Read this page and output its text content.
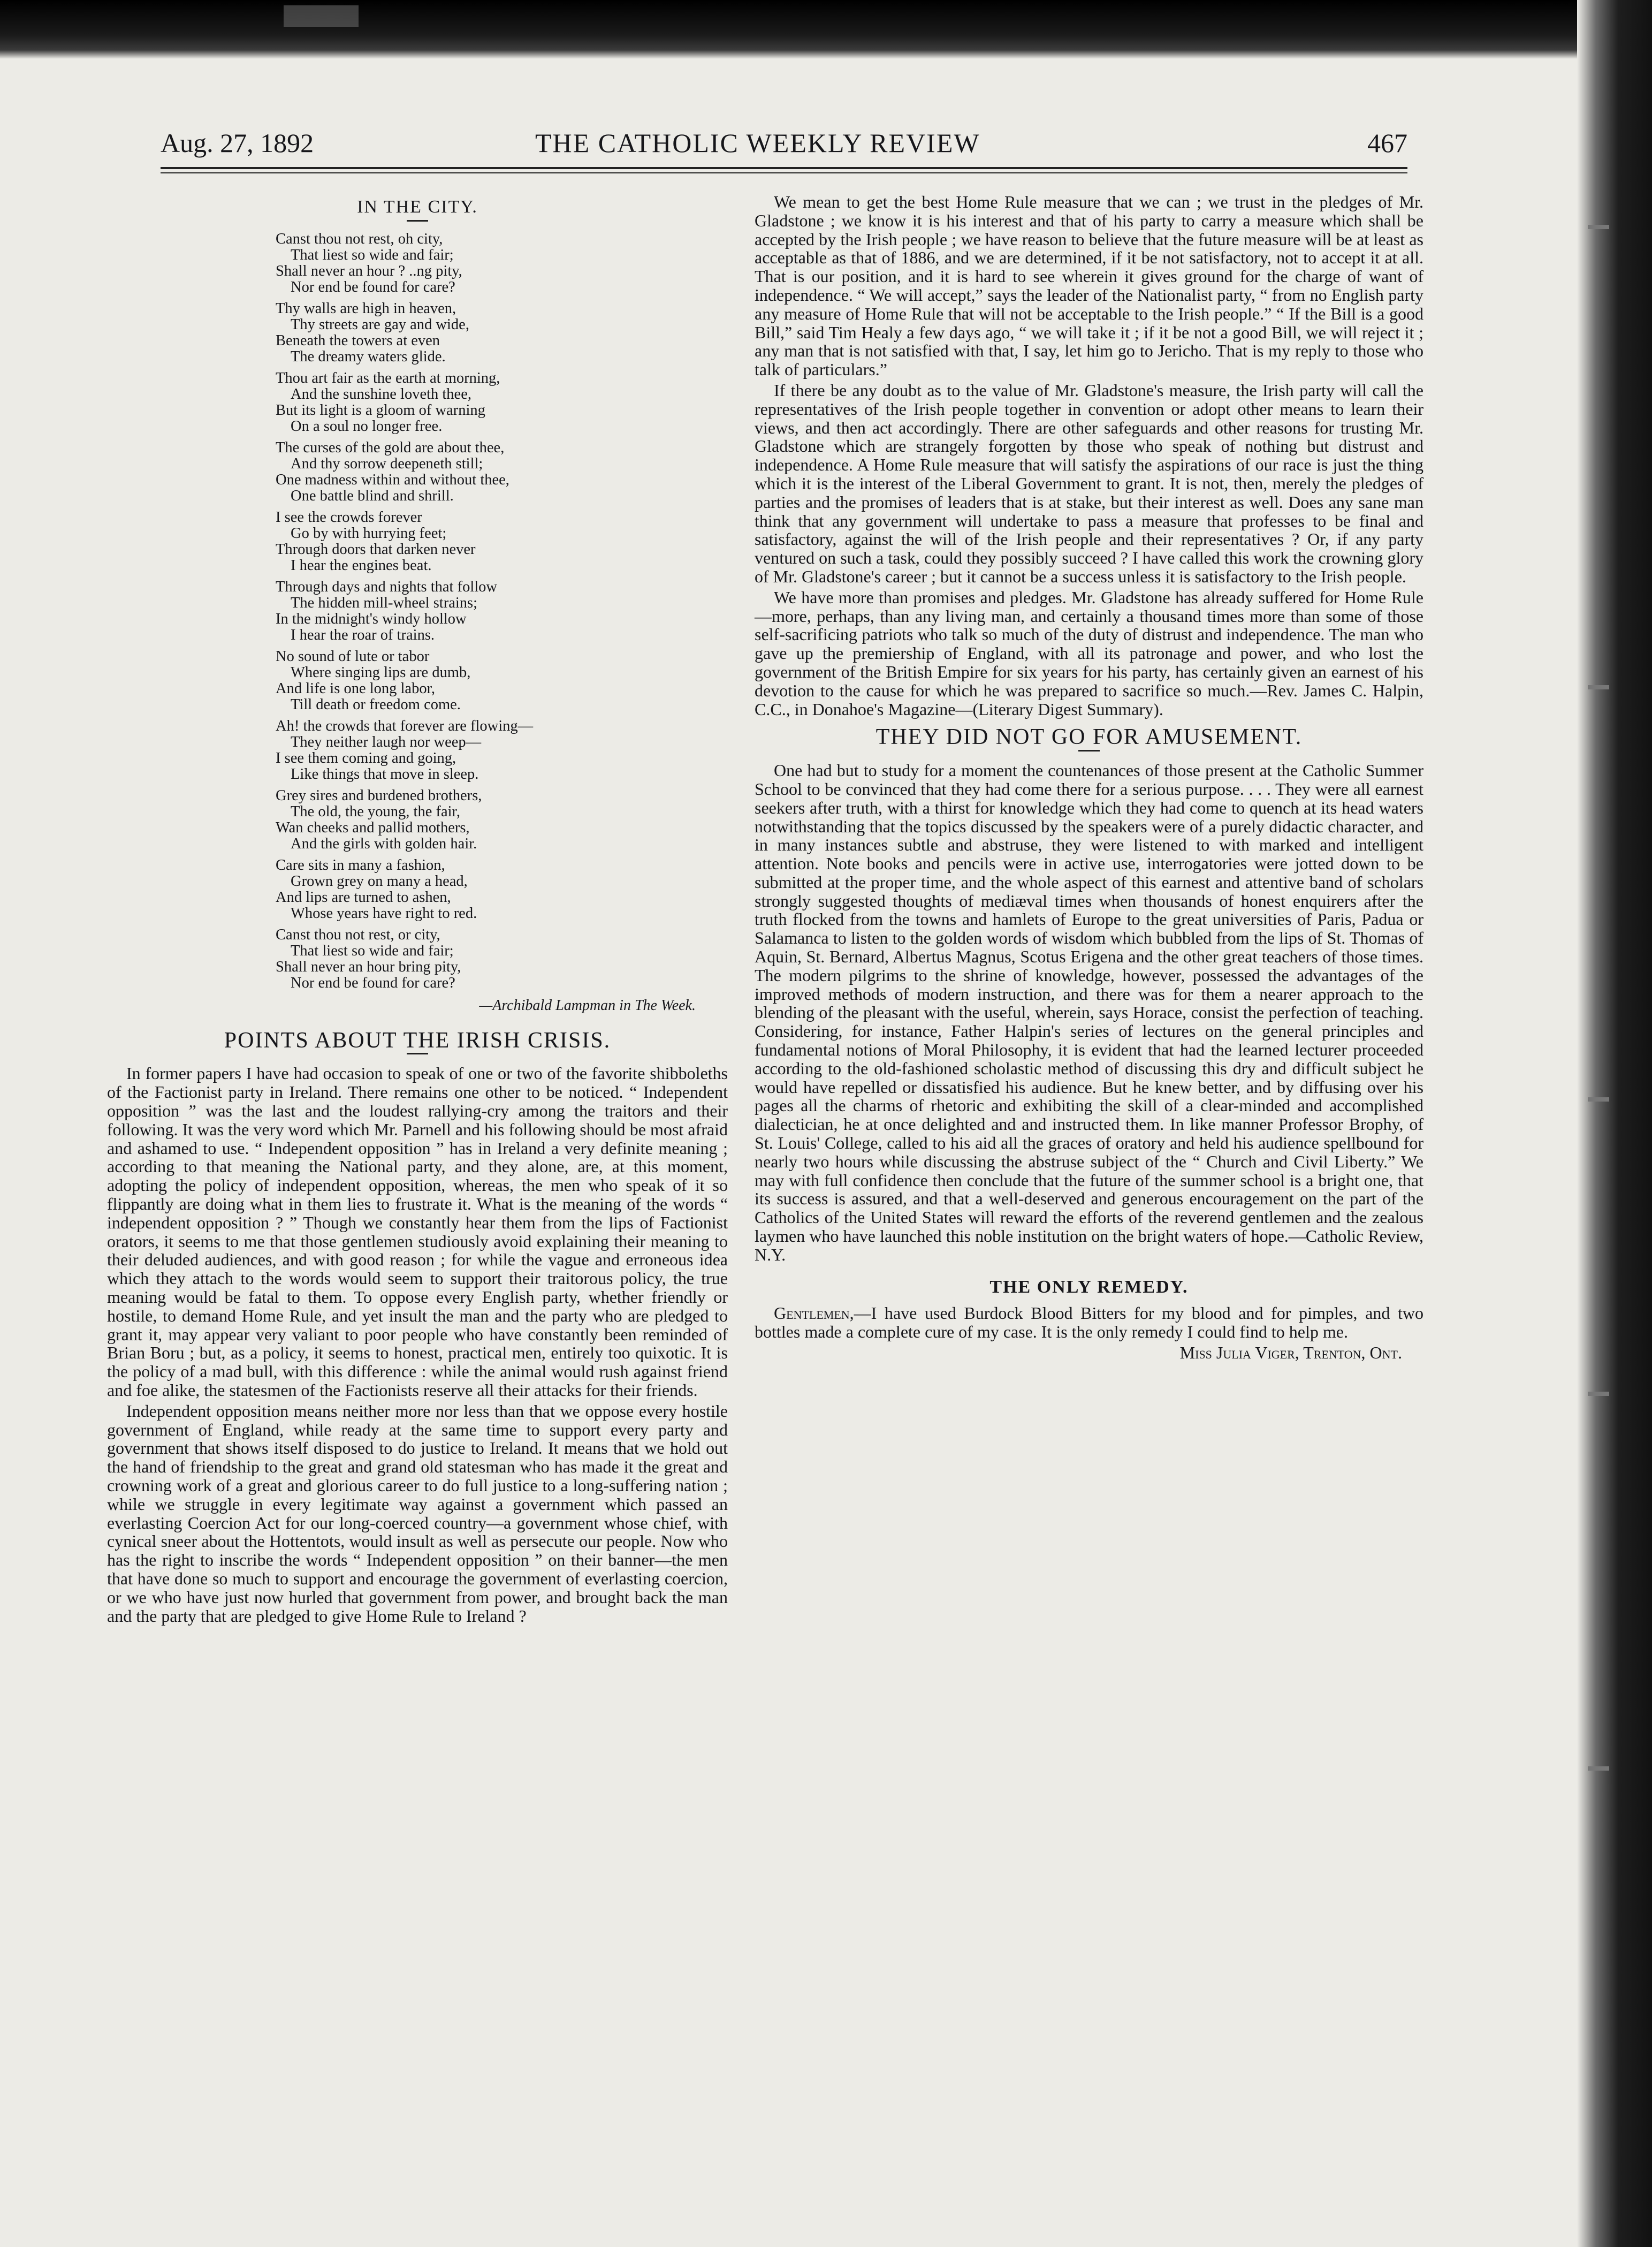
Aug. 27, 1892	THE CATHOLIC WEEKLY REVIEW	467
IN THE CITY.
Canst thou not rest, oh city,
That liest so wide and fair;
Shall never an hour ? ..ng pity,
Nor end be found for care?
Thy walls are high in heaven,
Thy streets are gay and wide,
Beneath the towers at even
The dreamy waters glide.
Thou art fair as the earth at morning,
And the sunshine loveth thee,
But its light is a gloom of warning
On a soul no longer free.
The curses of the gold are about thee,
And thy sorrow deepeneth still;
One madness within and without thee,
One battle blind and shrill.
I see the crowds forever
Go by with hurrying feet;
Through doors that darken never
I hear the engines beat.
Through days and nights that follow
The hidden mill-wheel strains;
In the midnight's windy hollow
I hear the roar of trains.
No sound of lute or tabor
Where singing lips are dumb,
And life is one long labor,
Till death or freedom come.
Ah! the crowds that forever are flowing—
They neither laugh nor weep—
I see them coming and going,
Like things that move in sleep.
Grey sires and burdened brothers,
The old, the young, the fair,
Wan cheeks and pallid mothers,
And the girls with golden hair.
Care sits in many a fashion,
Grown grey on many a head,
And lips are turned to ashen,
Whose years have right to red.
Canst thou not rest, or city,
That liest so wide and fair;
Shall never an hour bring pity,
Nor end be found for care?
—Archibald Lampman in The Week.
POINTS ABOUT THE IRISH CRISIS.

In former papers I have had occasion to speak of one or two of the favorite shibboleths of the Factionist party in Ireland. There remains one other to be noticed. “ Independent opposition ” was the last and the loudest rallying-cry among the traitors and their following. It was the very word which Mr. Parnell and his following should be most afraid and ashamed to use. “ Independent opposition ” has in Ireland a very definite meaning ; according to that meaning the National party, and they alone, are, at this moment, adopting the policy of independent opposition, whereas, the men who speak of it so flippantly are doing what in them lies to frustrate it. What is the meaning of the words “ independent opposition ? ” Though we constantly hear them from the lips of Factionist orators, it seems to me that those gentlemen studiously avoid explaining their meaning to their deluded audiences, and with good reason ; for while the vague and erroneous idea which they attach to the words would seem to support their traitorous policy, the true meaning would be fatal to them. To oppose every English party, whether friendly or hostile, to demand Home Rule, and yet insult the man and the party who are pledged to grant it, may appear very valiant to poor people who have constantly been reminded of Brian Boru ; but, as a policy, it seems to honest, practical men, entirely too quixotic. It is the policy of a mad bull, with this difference : while the animal would rush against friend and foe alike, the statesmen of the Factionists reserve all their attacks for their friends.

Independent opposition means neither more nor less than that we oppose every hostile government of England, while ready at the same time to support every party and government that shows itself disposed to do justice to Ireland. It means that we hold out the hand of friendship to the great and grand old statesman who has made it the great and crowning work of a great and glorious career to do full justice to a long-suffering nation ; while we struggle in every legitimate way against a government which passed an everlasting Coercion Act for our long-coerced country—a government whose chief, with cynical sneer about the Hottentots, would insult as well as persecute our people. Now who has the right to inscribe the words “ Independent opposition ” on their banner—the men that have done so much to support and encourage the government of everlasting coercion, or we who have just now hurled that government from power, and brought back the man and the party that are pledged to give Home Rule to Ireland ?

We mean to get the best Home Rule measure that we can ; we trust in the pledges of Mr. Gladstone ; we know it is his interest and that of his party to carry a measure which shall be accepted by the Irish people ; we have reason to believe that the future measure will be at least as acceptable as that of 1886, and we are determined, if it be not satisfactory, not to accept it at all. That is our position, and it is hard to see wherein it gives ground for the charge of want of independence. “ We will accept,” says the leader of the Nationalist party, “ from no English party any measure of Home Rule that will not be acceptable to the Irish people.” “ If the Bill is a good Bill,” said Tim Healy a few days ago, “ we will take it ; if it be not a good Bill, we will reject it ; any man that is not satisfied with that, I say, let him go to Jericho. That is my reply to those who talk of particulars.”

If there be any doubt as to the value of Mr. Gladstone's measure, the Irish party will call the representatives of the Irish people together in convention or adopt other means to learn their views, and then act accordingly. There are other safeguards and other reasons for trusting Mr. Gladstone which are strangely forgotten by those who speak of nothing but distrust and independence. A Home Rule measure that will satisfy the aspirations of our race is just the thing which it is the interest of the Liberal Government to grant. It is not, then, merely the pledges of parties and the promises of leaders that is at stake, but their interest as well. Does any sane man think that any government will undertake to pass a measure that professes to be final and satisfactory, against the will of the Irish people and their representatives ? Or, if any party ventured on such a task, could they possibly succeed ? I have called this work the crowning glory of Mr. Gladstone's career ; but it cannot be a success unless it is satisfactory to the Irish people.

We have more than promises and pledges. Mr. Gladstone has already suffered for Home Rule—more, perhaps, than any living man, and certainly a thousand times more than some of those self-sacrificing patriots who talk so much of the duty of distrust and independence. The man who gave up the premiership of England, with all its patronage and power, and who lost the government of the British Empire for six years for his party, has certainly given an earnest of his devotion to the cause for which he was prepared to sacrifice so much.—Rev. James C. Halpin, C.C., in Donahoe's Magazine—(Literary Digest Summary).

THEY DID NOT GO FOR AMUSEMENT.

One had but to study for a moment the countenances of those present at the Catholic Summer School to be convinced that they had come there for a serious purpose. . . . They were all earnest seekers after truth, with a thirst for knowledge which they had come to quench at its head waters notwithstanding that the topics discussed by the speakers were of a purely didactic character, and in many instances subtle and abstruse, they were listened to with marked and intelligent attention. Note books and pencils were in active use, interrogatories were jotted down to be submitted at the proper time, and the whole aspect of this earnest and attentive band of scholars strongly suggested thoughts of mediæval times when thousands of honest enquirers after the truth flocked from the towns and hamlets of Europe to the great universities of Paris, Padua or Salamanca to listen to the golden words of wisdom which bubbled from the lips of St. Thomas of Aquin, St. Bernard, Albertus Magnus, Scotus Erigena and the other great teachers of those times. The modern pilgrims to the shrine of knowledge, however, possessed the advantages of the improved methods of modern instruction, and there was for them a nearer approach to the blending of the pleasant with the useful, wherein, says Horace, consist the perfection of teaching. Considering, for instance, Father Halpin's series of lectures on the general principles and fundamental notions of Moral Philosophy, it is evident that had the learned lecturer proceeded according to the old-fashioned scholastic method of discussing this dry and difficult subject he would have repelled or dissatisfied his audience. But he knew better, and by diffusing over his pages all the charms of rhetoric and exhibiting the skill of a clear-minded and accomplished dialectician, he at once delighted and and instructed them. In like manner Professor Brophy, of St. Louis' College, called to his aid all the graces of oratory and held his audience spellbound for nearly two hours while discussing the abstruse subject of the “ Church and Civil Liberty.” We may with full confidence then conclude that the future of the summer school is a bright one, that its success is assured, and that a well-deserved and generous encouragement on the part of the Catholics of the United States will reward the efforts of the reverend gentlemen and the zealous laymen who have launched this noble institution on the bright waters of hope.—Catholic Review, N.Y.

THE ONLY REMEDY.

Gentlemen,—I have used Burdock Blood Bitters for my blood and for pimples, and two bottles made a complete cure of my case. It is the only remedy I could find to help me.

Miss Julia Viger, Trenton, Ont.
